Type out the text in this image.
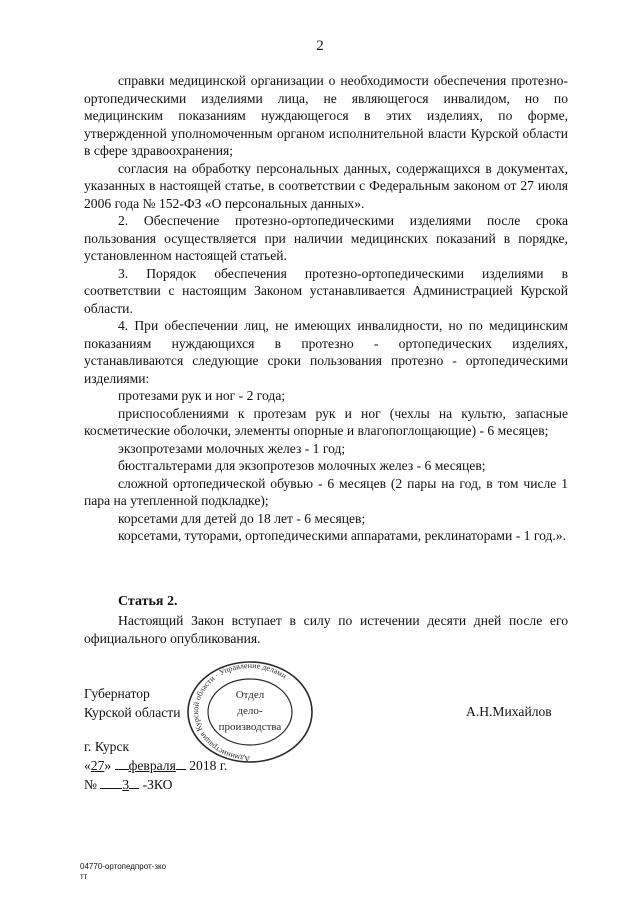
2

справки медицинской организации о необходимости обеспечения протезно-ортопедическими изделиями лица, не являющегося инвалидом, но по медицинским показаниям нуждающегося в этих изделиях, по форме, утвержденной уполномоченным органом исполнительной власти Курской области в сфере здравоохранения;

согласия на обработку персональных данных, содержащихся в документах, указанных в настоящей статье, в соответствии с Федеральным законом от 27 июля 2006 года № 152-ФЗ «О персональных данных».

2. Обеспечение протезно-ортопедическими изделиями после срока пользования осуществляется при наличии медицинских показаний в порядке, установленном настоящей статьей.

3. Порядок обеспечения протезно-ортопедическими изделиями в соответствии с настоящим Законом устанавливается Администрацией Курской области.

4. При обеспечении лиц, не имеющих инвалидности, но по медицинским показаниям нуждающихся в протезно - ортопедических изделиях, устанавливаются следующие сроки пользования протезно - ортопедическими изделиями:

протезами рук и ног - 2 года;

приспособлениями к протезам рук и ног (чехлы на культю, запасные косметические оболочки, элементы опорные и влагопоглощающие) - 6 месяцев;

экзопротезами молочных желез - 1 год;

бюстгальтерами для экзопротезов молочных желез - 6 месяцев;

сложной ортопедической обувью - 6 месяцев (2 пары на год, в том числе 1 пара на утепленной подкладке);

корсетами для детей до 18 лет - 6 месяцев;

корсетами, туторами, ортопедическими аппаратами, реклинаторами - 1 год.».

Статья 2.

Настоящий Закон вступает в силу по истечении десяти дней после его официального опубликования.

Губернатор
Курской области	А.Н.Михайлов
г. Курск
«27» февраля 2018 г.
№ 3 -ЗКО
Администрация Курской области · Управление делами
Отдел
дело-
производства
04770-ортопедпрот-зко
тт
